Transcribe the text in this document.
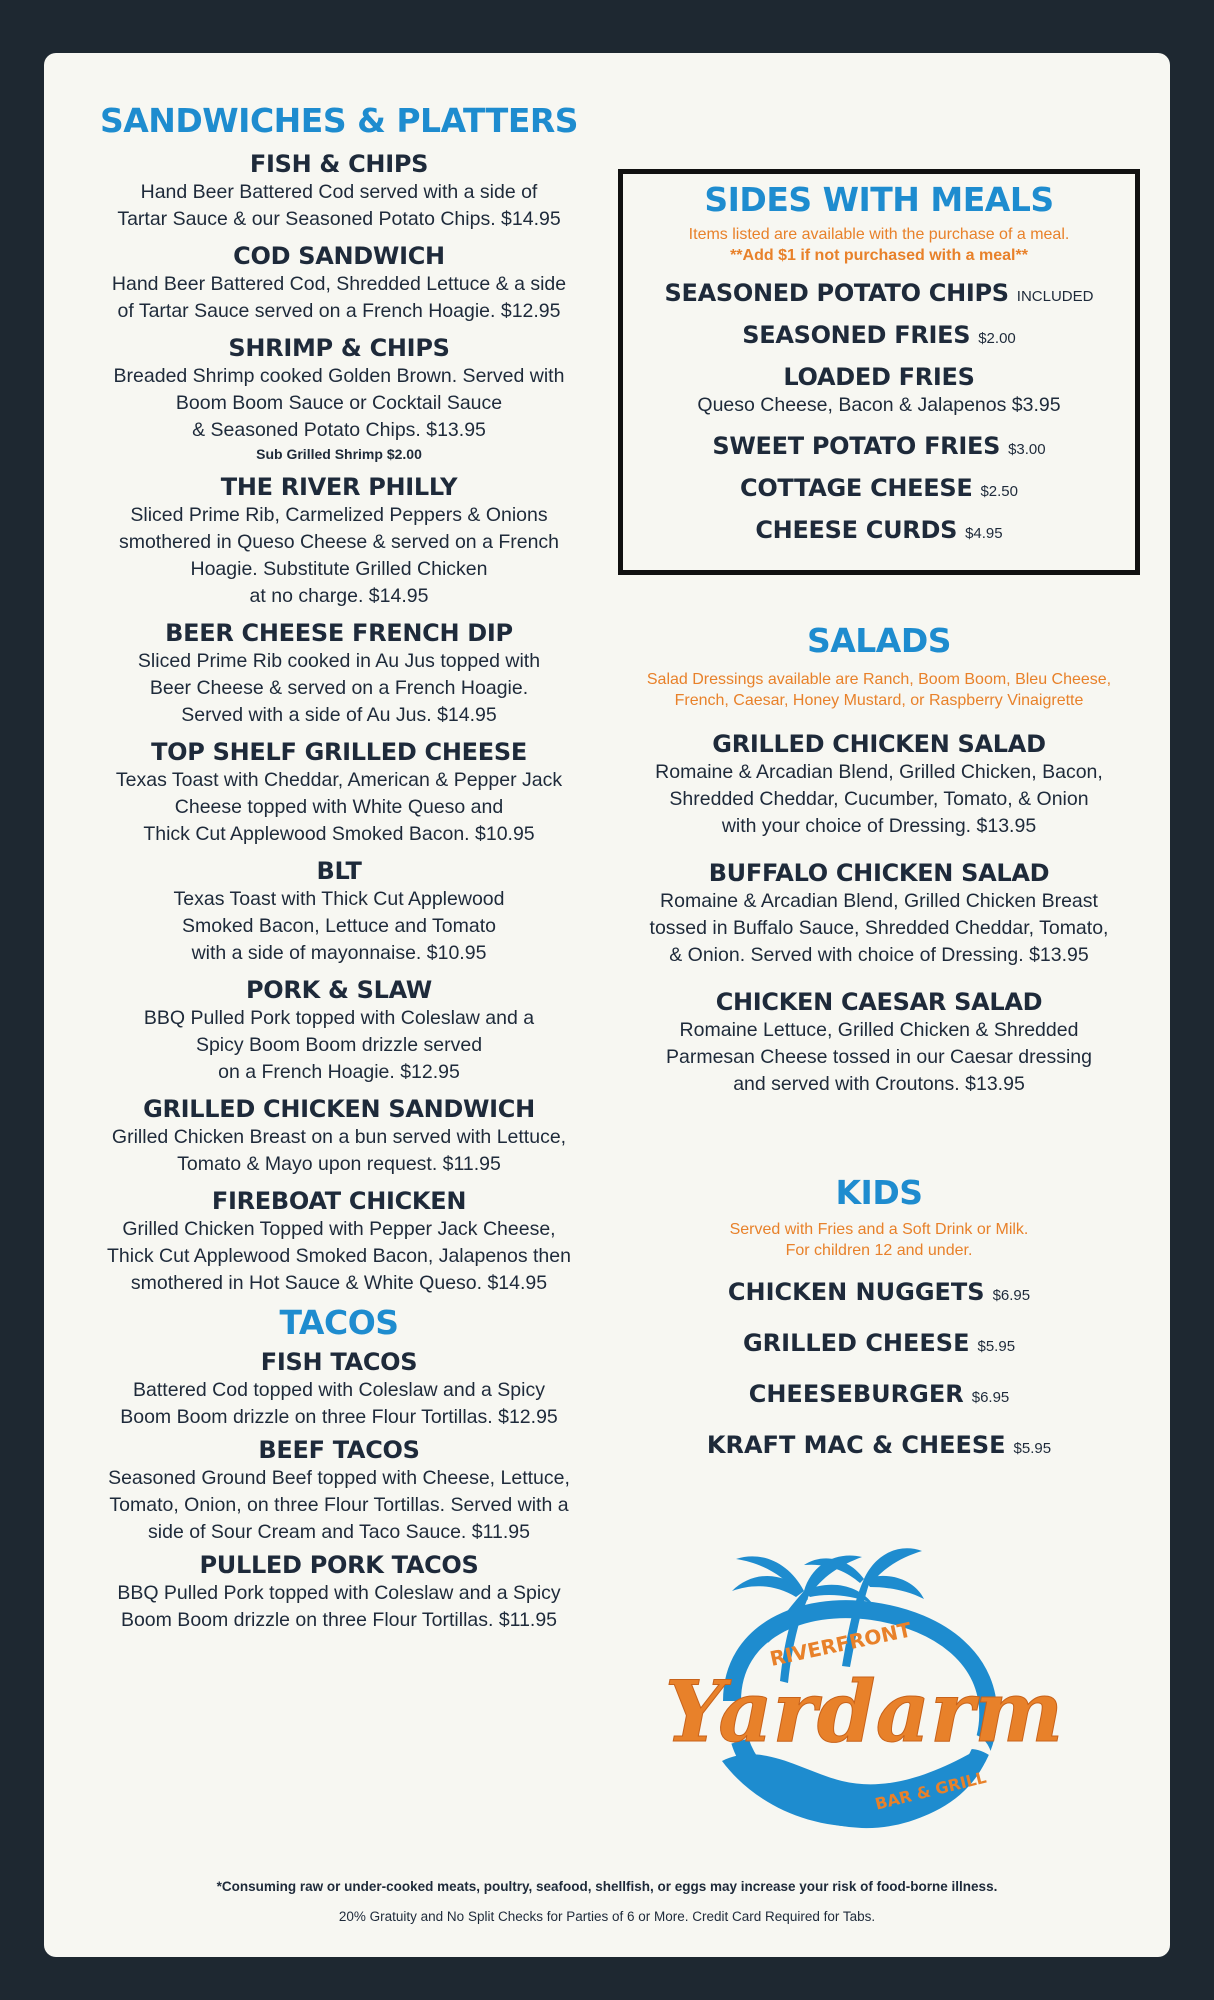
SANDWICHES & PLATTERS
FISH & CHIPS
Hand Beer Battered Cod served with a side of
Tartar Sauce & our Seasoned Potato Chips. $14.95
COD SANDWICH
Hand Beer Battered Cod, Shredded Lettuce & a side
of Tartar Sauce served on a French Hoagie. $12.95
SHRIMP & CHIPS
Breaded Shrimp cooked Golden Brown. Served with
Boom Boom Sauce or Cocktail Sauce
& Seasoned Potato Chips. $13.95
Sub Grilled Shrimp $2.00
THE RIVER PHILLY
Sliced Prime Rib, Carmelized Peppers & Onions
smothered in Queso Cheese & served on a French
Hoagie. Substitute Grilled Chicken
at no charge. $14.95
BEER CHEESE FRENCH DIP
Sliced Prime Rib cooked in Au Jus topped with
Beer Cheese & served on a French Hoagie.
Served with a side of Au Jus. $14.95
TOP SHELF GRILLED CHEESE
Texas Toast with Cheddar, American & Pepper Jack
Cheese topped with White Queso and
Thick Cut Applewood Smoked Bacon. $10.95
BLT
Texas Toast with Thick Cut Applewood
Smoked Bacon, Lettuce and Tomato
with a side of mayonnaise. $10.95
PORK & SLAW
BBQ Pulled Pork topped with Coleslaw and a
Spicy Boom Boom drizzle served
on a French Hoagie. $12.95
GRILLED CHICKEN SANDWICH
Grilled Chicken Breast on a bun served with Lettuce,
Tomato & Mayo upon request. $11.95
FIREBOAT CHICKEN
Grilled Chicken Topped with Pepper Jack Cheese,
Thick Cut Applewood Smoked Bacon, Jalapenos then
smothered in Hot Sauce & White Queso. $14.95
TACOS
FISH TACOS
Battered Cod topped with Coleslaw and a Spicy
Boom Boom drizzle on three Flour Tortillas. $12.95
BEEF TACOS
Seasoned Ground Beef topped with Cheese, Lettuce,
Tomato, Onion, on three Flour Tortillas. Served with a
side of Sour Cream and Taco Sauce. $11.95
PULLED PORK TACOS
BBQ Pulled Pork topped with Coleslaw and a Spicy
Boom Boom drizzle on three Flour Tortillas. $11.95
SIDES WITH MEALS
Items listed are available with the purchase of a meal.
**Add $1 if not purchased with a meal**
SEASONED POTATO CHIPS INCLUDED
SEASONED FRIES $2.00
LOADED FRIES
Queso Cheese, Bacon & Jalapenos $3.95
SWEET POTATO FRIES $3.00
COTTAGE CHEESE $2.50
CHEESE CURDS $4.95
SALADS
Salad Dressings available are Ranch, Boom Boom, Bleu Cheese,
French, Caesar, Honey Mustard, or Raspberry Vinaigrette
GRILLED CHICKEN SALAD
Romaine & Arcadian Blend, Grilled Chicken, Bacon,
Shredded Cheddar, Cucumber, Tomato, & Onion
with your choice of Dressing. $13.95
BUFFALO CHICKEN SALAD
Romaine & Arcadian Blend, Grilled Chicken Breast
tossed in Buffalo Sauce, Shredded Cheddar, Tomato,
& Onion. Served with choice of Dressing. $13.95
CHICKEN CAESAR SALAD
Romaine Lettuce, Grilled Chicken & Shredded
Parmesan Cheese tossed in our Caesar dressing
and served with Croutons. $13.95
KIDS
Served with Fries and a Soft Drink or Milk.
For children 12 and under.
CHICKEN NUGGETS $6.95
GRILLED CHEESE $5.95
CHEESEBURGER $6.95
KRAFT MAC & CHEESE $5.95
RIVERFRONT
Yardarm
BAR & GRILL
*Consuming raw or under-cooked meats, poultry, seafood, shellfish, or eggs may increase your risk of food-borne illness.
20% Gratuity and No Split Checks for Parties of 6 or More. Credit Card Required for Tabs.
